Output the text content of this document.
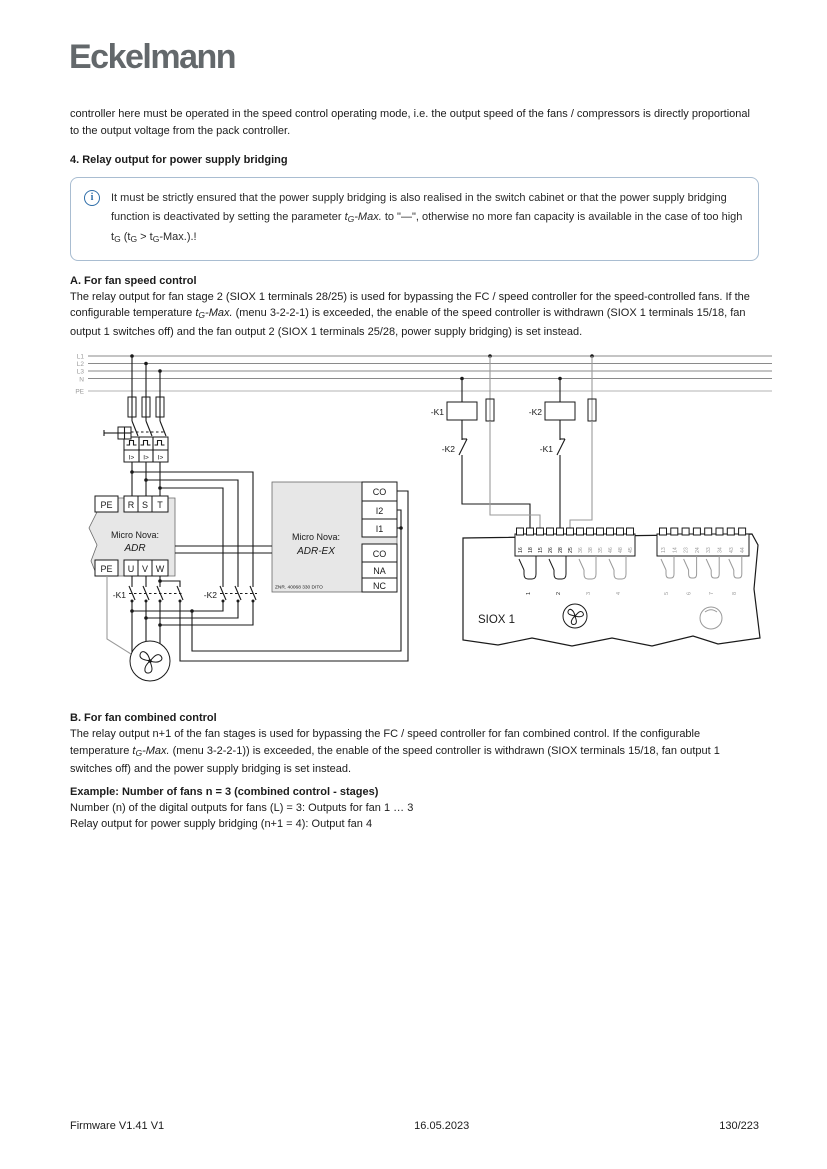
Eckelmann

controller here must be operated in the speed control operating mode, i.e. the output speed of the fans / compressors is directly proportional to the output voltage from the pack controller.

4. Relay output for power supply bridging
i	It must be strictly ensured that the power supply bridging is also realised in the switch cabinet or that the power supply bridging function is deactivated by setting the parameter tG-Max. to "—", otherwise no more fan capacity is available in the case of too high tG (tG > tG-Max.).!
A. For fan speed control

The relay output for fan stage 2 (SIOX 1 terminals 28/25) is used for bypassing the FC / speed controller for the speed-controlled fans. If the configurable temperature tG-Max. (menu 3-2-2-1) is exceeded, the enable of the speed controller is withdrawn (SIOX 1 terminals 15/18, fan output 1 switches off) and the fan output 2 (SIOX 1 terminals 25/28, power supply bridging) is set instead.

L1
L2
L3
N
PE
I> I> I>
PE R S T
Micro Nova:
ADR
PE U V W
-K1	-K2
CO
I2
I1
CO
NA
NC
Micro Nova:
ADR-EX
ZNR. 40068 330 DITO
-K1
-K2
-K2
-K1
16 18 15 26 28 25 36 38 35 46 48 45	13 14 23 24 33 34 43 44
1	2	3	4	5	6	7	8
SIOX 1
B. For fan combined control

The relay output n+1 of the fan stages is used for bypassing the FC / speed controller for fan combined control. If the configurable temperature tG-Max. (menu 3-2-2-1)) is exceeded, the enable of the speed controller is withdrawn (SIOX terminals 15/18, fan output 1 switches off) and the power supply bridging is set instead.

Example: Number of fans n = 3 (combined control - stages)

Number (n) of the digital outputs for fans (L) = 3: Outputs for fan 1 … 3

Relay output for power supply bridging (n+1 = 4): Output fan 4

Firmware V1.41 V1	16.05.2023	130/223
